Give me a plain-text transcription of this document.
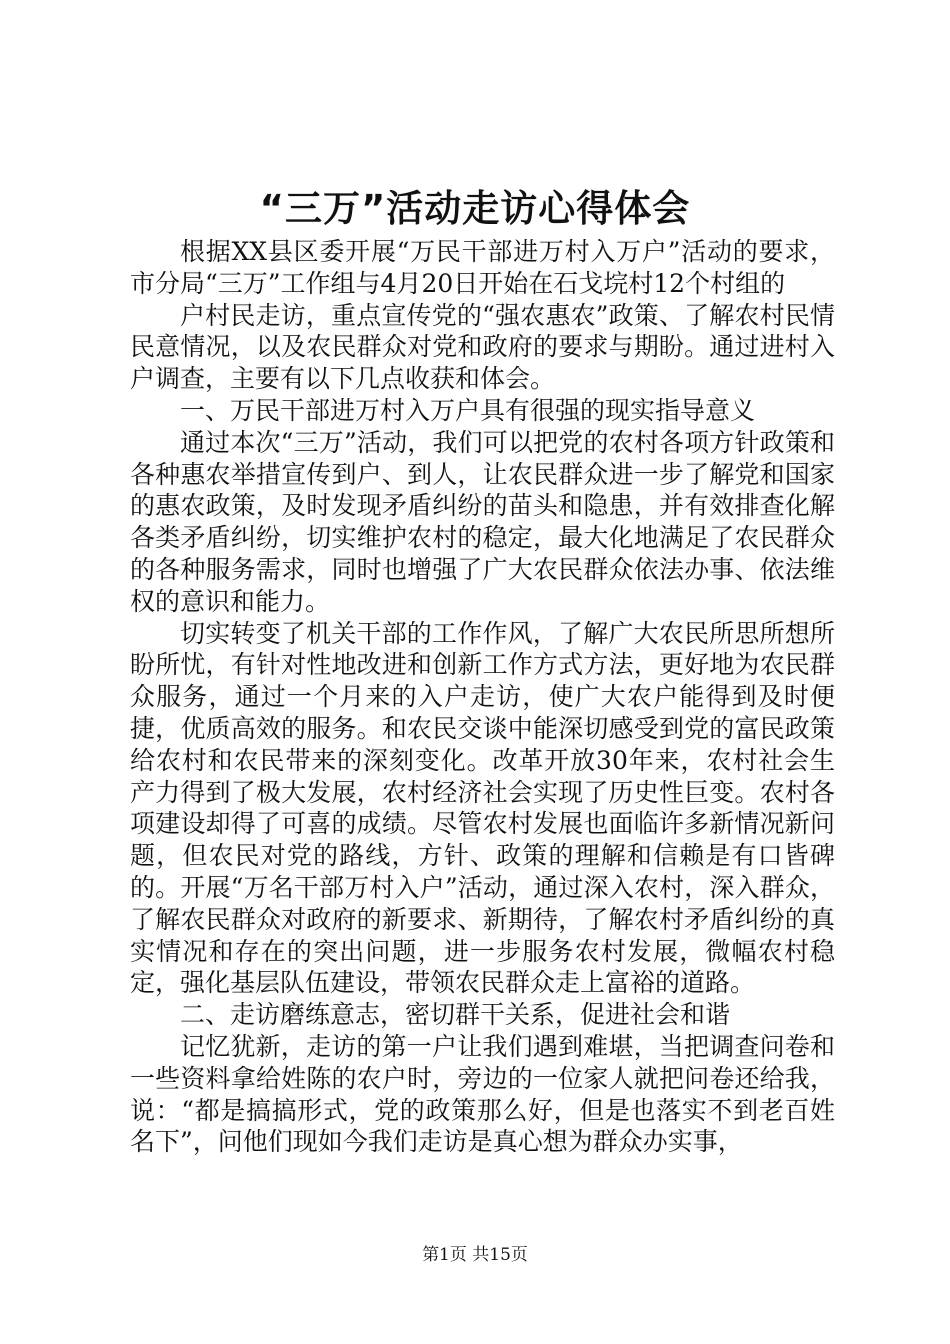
“三万”活动走访心得体会

根据XX县区委开展“万民干部进万村入万户”活动的要求，市分局“三万”工作组与4月20日开始在石戈垸村12个村组的

户村民走访，重点宣传党的“强农惠农”政策、了解农村民情民意情况，以及农民群众对党和政府的要求与期盼。通过进村入户调查，主要有以下几点收获和体会。

一、万民干部进万村入万户具有很强的现实指导意义

通过本次“三万”活动，我们可以把党的农村各项方针政策和各种惠农举措宣传到户、到人，让农民群众进一步了解党和国家的惠农政策，及时发现矛盾纠纷的苗头和隐患，并有效排查化解各类矛盾纠纷，切实维护农村的稳定，最大化地满足了农民群众的各种服务需求，同时也增强了广大农民群众依法办事、依法维权的意识和能力。

切实转变了机关干部的工作作风，了解广大农民所思所想所盼所忧，有针对性地改进和创新工作方式方法，更好地为农民群众服务，通过一个月来的入户走访，使广大农户能得到及时便捷，优质高效的服务。和农民交谈中能深切感受到党的富民政策给农村和农民带来的深刻变化。改革开放30年来，农村社会生产力得到了极大发展，农村经济社会实现了历史性巨变。农村各项建设却得了可喜的成绩。尽管农村发展也面临许多新情况新问题，但农民对党的路线，方针、政策的理解和信赖是有口皆碑的。开展“万名干部万村入户”活动，通过深入农村，深入群众，了解农民群众对政府的新要求、新期待，了解农村矛盾纠纷的真实情况和存在的突出问题，进一步服务农村发展，微幅农村稳定，强化基层队伍建设，带领农民群众走上富裕的道路。

二、走访磨练意志，密切群干关系，促进社会和谐

记忆犹新，走访的第一户让我们遇到难堪，当把调查问卷和一些资料拿给姓陈的农户时，旁边的一位家人就把问卷还给我，说：“都是搞搞形式，党的政策那么好，但是也落实不到老百姓名下”，问他们现如今我们走访是真心想为群众办实事，

第1页 共15页
